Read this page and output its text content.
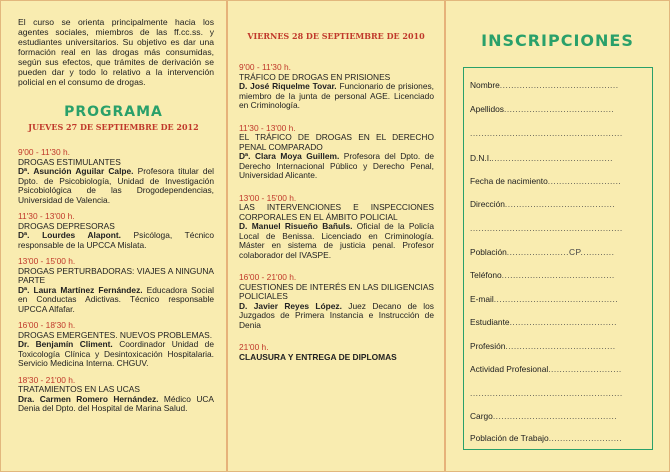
El curso se orienta principalmente hacia los agentes sociales, miembros de las ff.cc.ss. y estudiantes universitarios. Su objetivo es dar una formación real en las drogas más consumidas, según sus efectos, que trámites de derivación se pueden dar y todo lo relativo a la intervención policial en el consumo de drogas.
PROGRAMA
JUEVES 27 DE SEPTIEMBRE DE 2012
9'00 - 11'30 h.
DROGAS ESTIMULANTES
Dª. Asunción Aguilar Calpe. Profesora titular del Dpto. de Psicobiología, Unidad de Investigación Psicobiológica de las Drogodependencias, Universidad de Valencia.
11'30 - 13'00 h.
DROGAS DEPRESORAS
Dª. Lourdes Alapont. Psicóloga, Técnico responsable de la UPCCA Mislata.
13'00 - 15'00 h.
DROGAS PERTURBADORAS: VIAJES A NINGUNA PARTE
Dª. Laura Martínez Fernández. Educadora Social en Conductas Adictivas. Técnico responsable UPCCA Alfafar.
16'00 - 18'30 h.
DROGAS EMERGENTES. NUEVOS PROBLEMAS.
Dr. Benjamín Climent. Coordinador Unidad de Toxicología Clínica y Desintoxicación Hospitalaria. Servicio Medicina Interna. CHGUV.
18'30 - 21'00 h.
TRATAMIENTOS EN LAS UCAS
Dra. Carmen Romero Hernández. Médico UCA Denia del Dpto. del Hospital de Marina Salud.
VIERNES 28 DE SEPTIEMBRE DE 2010
9'00 - 11'30 h.
TRÁFICO DE DROGAS EN PRISIONES
D. José Riquelme Tovar. Funcionario de prisiones, miembro de la junta de personal AGE. Licenciado en Criminología.
11'30 - 13'00 h.
EL TRÁFICO DE DROGAS EN EL DERECHO PENAL COMPARADO
Dª. Clara Moya Guillem. Profesora del Dpto. de Derecho Internacional Público y Derecho Penal, Universidad Alicante.
13'00 - 15'00 h.
LAS INTERVENCIONES E INSPECCIONES CORPORALES EN EL ÁMBITO POLICIAL
D. Manuel Risueño Bañuls. Oficial de la Policía Local de Benissa. Licenciado en Criminología. Máster en sistema de justicia penal. Profesor colaborador del IVASPE.
16'00 - 21'00 h.
CUESTIONES DE INTERÉS EN LAS DILIGENCIAS POLICIALES
D. Javier Reyes López. Juez Decano de los Juzgados de Primera Instancia e Instrucción de Denia
21'00 h.
CLAUSURA Y ENTREGA DE DIPLOMAS
INSCRIPCIONES
Nombre..........................................
Apellidos.......................................
......................................................
D.N.I............................................
Fecha de nacimiento..........................
Dirección.......................................
......................................................
Población......................CP............
Teléfono........................................
E-mail............................................
Estudiante......................................
Profesión.......................................
Actividad Profesional..........................
......................................................
Cargo............................................
Población de Trabajo..........................
